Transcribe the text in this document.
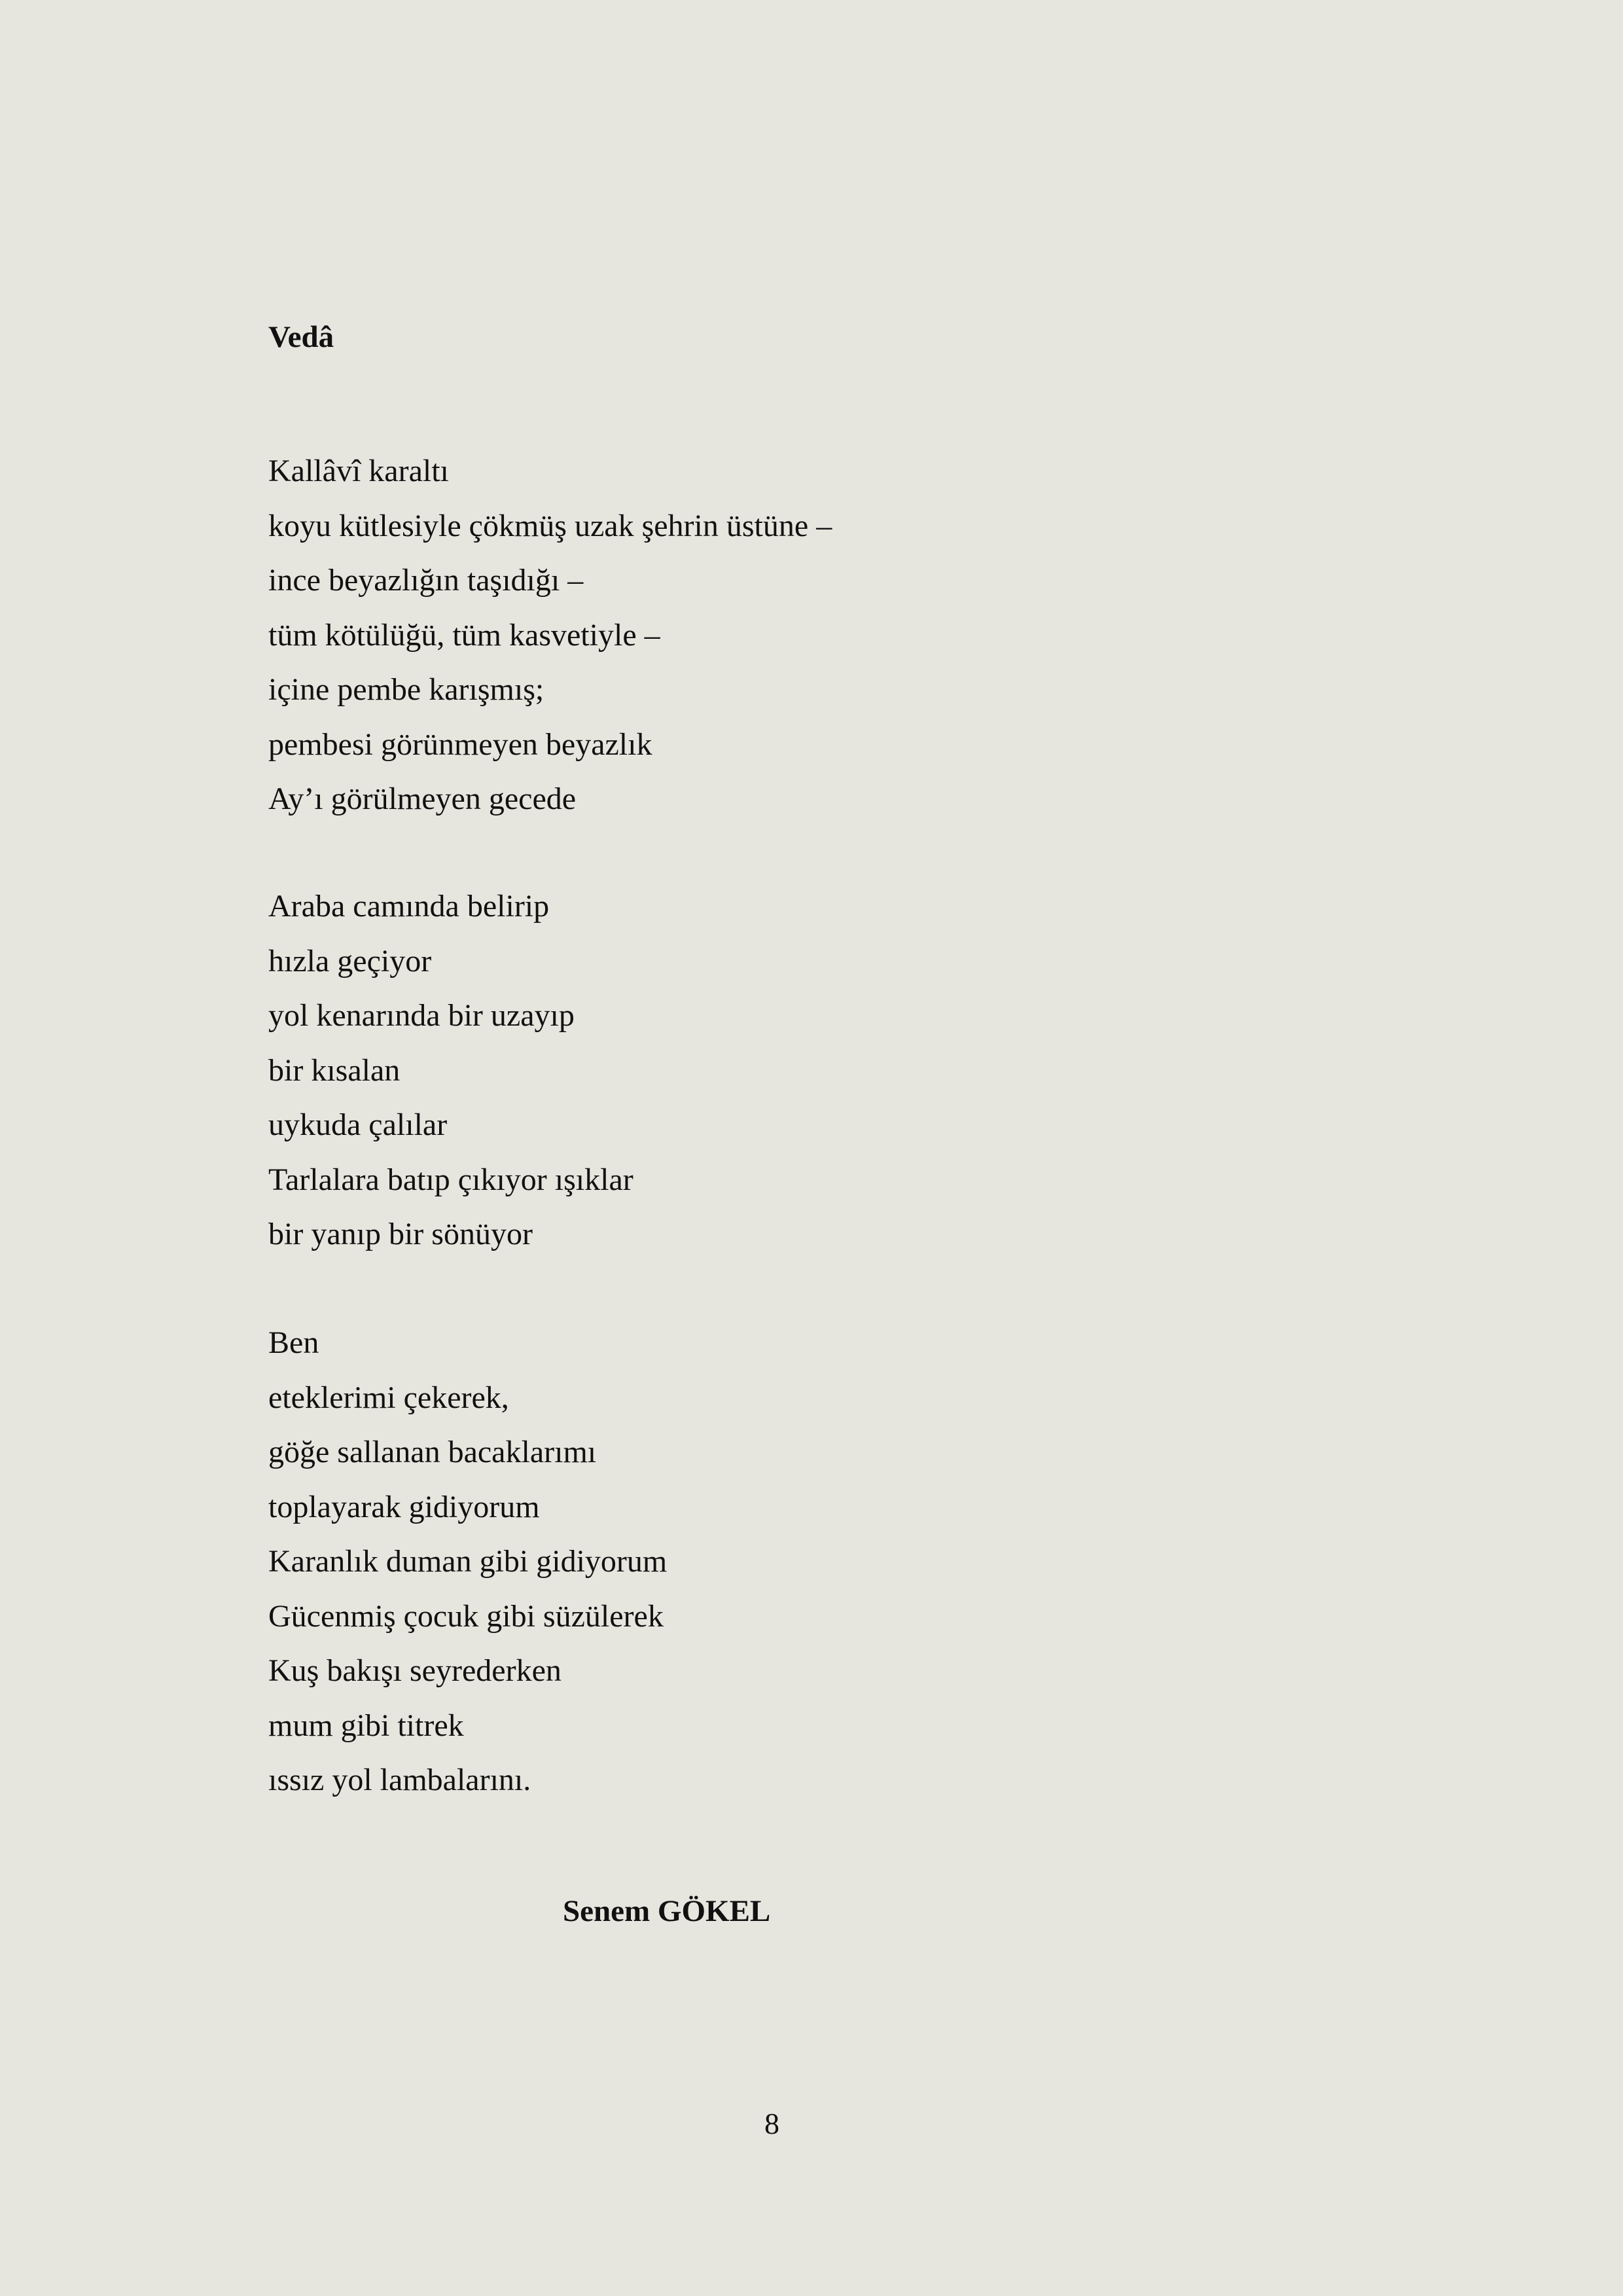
Vedâ
Kallâvî karaltı
koyu kütlesiyle çökmüş uzak şehrin üstüne –
ince beyazlığın taşıdığı –
tüm kötülüğü, tüm kasvetiyle –
içine pembe karışmış;
pembesi görünmeyen beyazlık
Ay’ı görülmeyen gecede
Araba camında belirip
hızla geçiyor
yol kenarında bir uzayıp
bir kısalan
uykuda çalılar
Tarlalara batıp çıkıyor ışıklar
bir yanıp bir sönüyor
Ben
eteklerimi çekerek,
göğe sallanan bacaklarımı
toplayarak gidiyorum
Karanlık duman gibi gidiyorum
Gücenmiş çocuk gibi süzülerek
Kuş bakışı seyrederken
mum gibi titrek
ıssız yol lambalarını.

Senem GÖKEL

8
